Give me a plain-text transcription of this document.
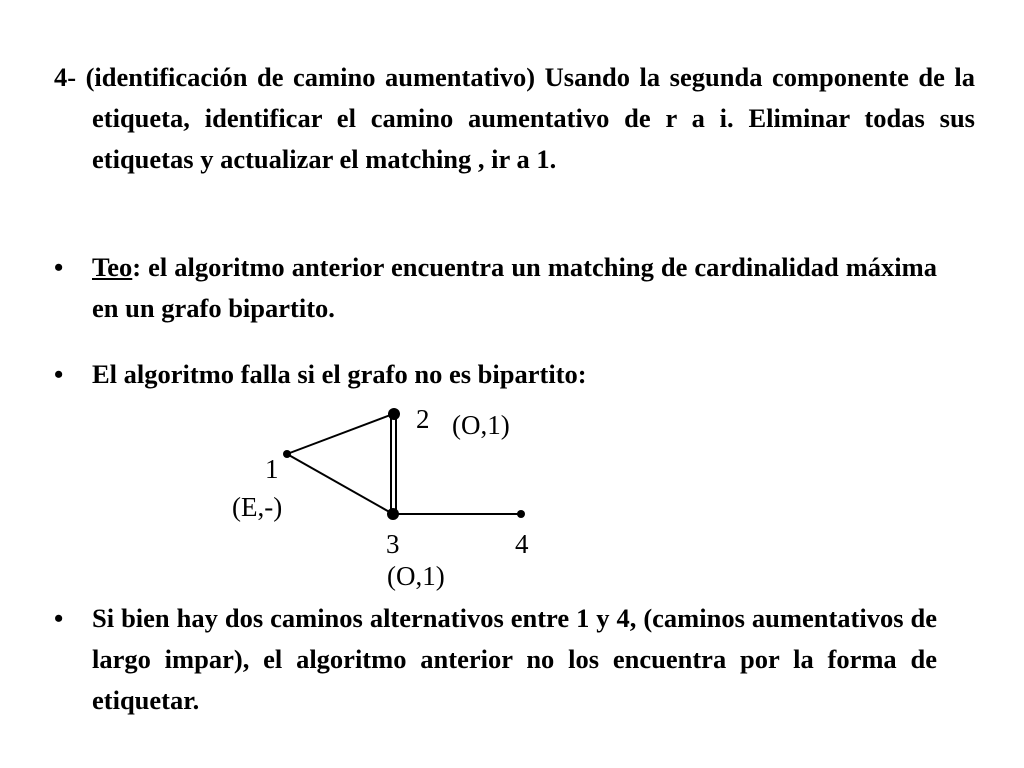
4- (identificación de camino aumentativo) Usando la segunda componente de la etiqueta, identificar el camino aumentativo de r a i. Eliminar todas sus etiquetas y actualizar el matching , ir a 1.
• Teo: el algoritmo anterior encuentra un matching de cardinalidad máxima en un grafo bipartito.
• El algoritmo falla si el grafo no es bipartito:
2 (O,1)
1
(E,-)
3
(O,1)
4
• Si bien hay dos caminos alternativos entre 1 y 4, (caminos aumentativos de largo impar), el algoritmo anterior no los encuentra por la forma de etiquetar.
